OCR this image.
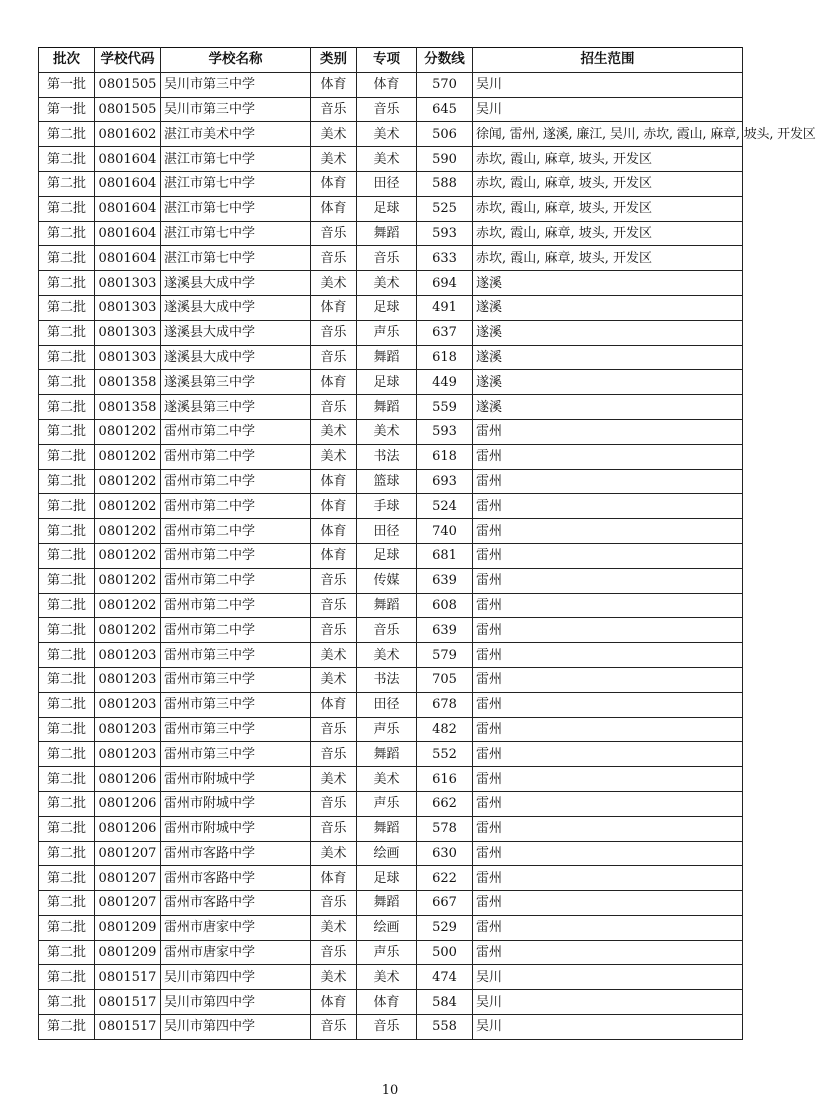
批次	学校代码	学校名称	类别	专项	分数线	招生范围
第一批	0801505	吴川市第三中学	体育	体育	570	吴川
第一批	0801505	吴川市第三中学	音乐	音乐	645	吴川
第二批	0801602	湛江市美术中学	美术	美术	506	徐闻, 雷州, 遂溪, 廉江, 吴川, 赤坎, 霞山, 麻章, 坡头, 开发区
第二批	0801604	湛江市第七中学	美术	美术	590	赤坎, 霞山, 麻章, 坡头, 开发区
第二批	0801604	湛江市第七中学	体育	田径	588	赤坎, 霞山, 麻章, 坡头, 开发区
第二批	0801604	湛江市第七中学	体育	足球	525	赤坎, 霞山, 麻章, 坡头, 开发区
第二批	0801604	湛江市第七中学	音乐	舞蹈	593	赤坎, 霞山, 麻章, 坡头, 开发区
第二批	0801604	湛江市第七中学	音乐	音乐	633	赤坎, 霞山, 麻章, 坡头, 开发区
第二批	0801303	遂溪县大成中学	美术	美术	694	遂溪
第二批	0801303	遂溪县大成中学	体育	足球	491	遂溪
第二批	0801303	遂溪县大成中学	音乐	声乐	637	遂溪
第二批	0801303	遂溪县大成中学	音乐	舞蹈	618	遂溪
第二批	0801358	遂溪县第三中学	体育	足球	449	遂溪
第二批	0801358	遂溪县第三中学	音乐	舞蹈	559	遂溪
第二批	0801202	雷州市第二中学	美术	美术	593	雷州
第二批	0801202	雷州市第二中学	美术	书法	618	雷州
第二批	0801202	雷州市第二中学	体育	篮球	693	雷州
第二批	0801202	雷州市第二中学	体育	手球	524	雷州
第二批	0801202	雷州市第二中学	体育	田径	740	雷州
第二批	0801202	雷州市第二中学	体育	足球	681	雷州
第二批	0801202	雷州市第二中学	音乐	传媒	639	雷州
第二批	0801202	雷州市第二中学	音乐	舞蹈	608	雷州
第二批	0801202	雷州市第二中学	音乐	音乐	639	雷州
第二批	0801203	雷州市第三中学	美术	美术	579	雷州
第二批	0801203	雷州市第三中学	美术	书法	705	雷州
第二批	0801203	雷州市第三中学	体育	田径	678	雷州
第二批	0801203	雷州市第三中学	音乐	声乐	482	雷州
第二批	0801203	雷州市第三中学	音乐	舞蹈	552	雷州
第二批	0801206	雷州市附城中学	美术	美术	616	雷州
第二批	0801206	雷州市附城中学	音乐	声乐	662	雷州
第二批	0801206	雷州市附城中学	音乐	舞蹈	578	雷州
第二批	0801207	雷州市客路中学	美术	绘画	630	雷州
第二批	0801207	雷州市客路中学	体育	足球	622	雷州
第二批	0801207	雷州市客路中学	音乐	舞蹈	667	雷州
第二批	0801209	雷州市唐家中学	美术	绘画	529	雷州
第二批	0801209	雷州市唐家中学	音乐	声乐	500	雷州
第二批	0801517	吴川市第四中学	美术	美术	474	吴川
第二批	0801517	吴川市第四中学	体育	体育	584	吴川
第二批	0801517	吴川市第四中学	音乐	音乐	558	吴川
10
